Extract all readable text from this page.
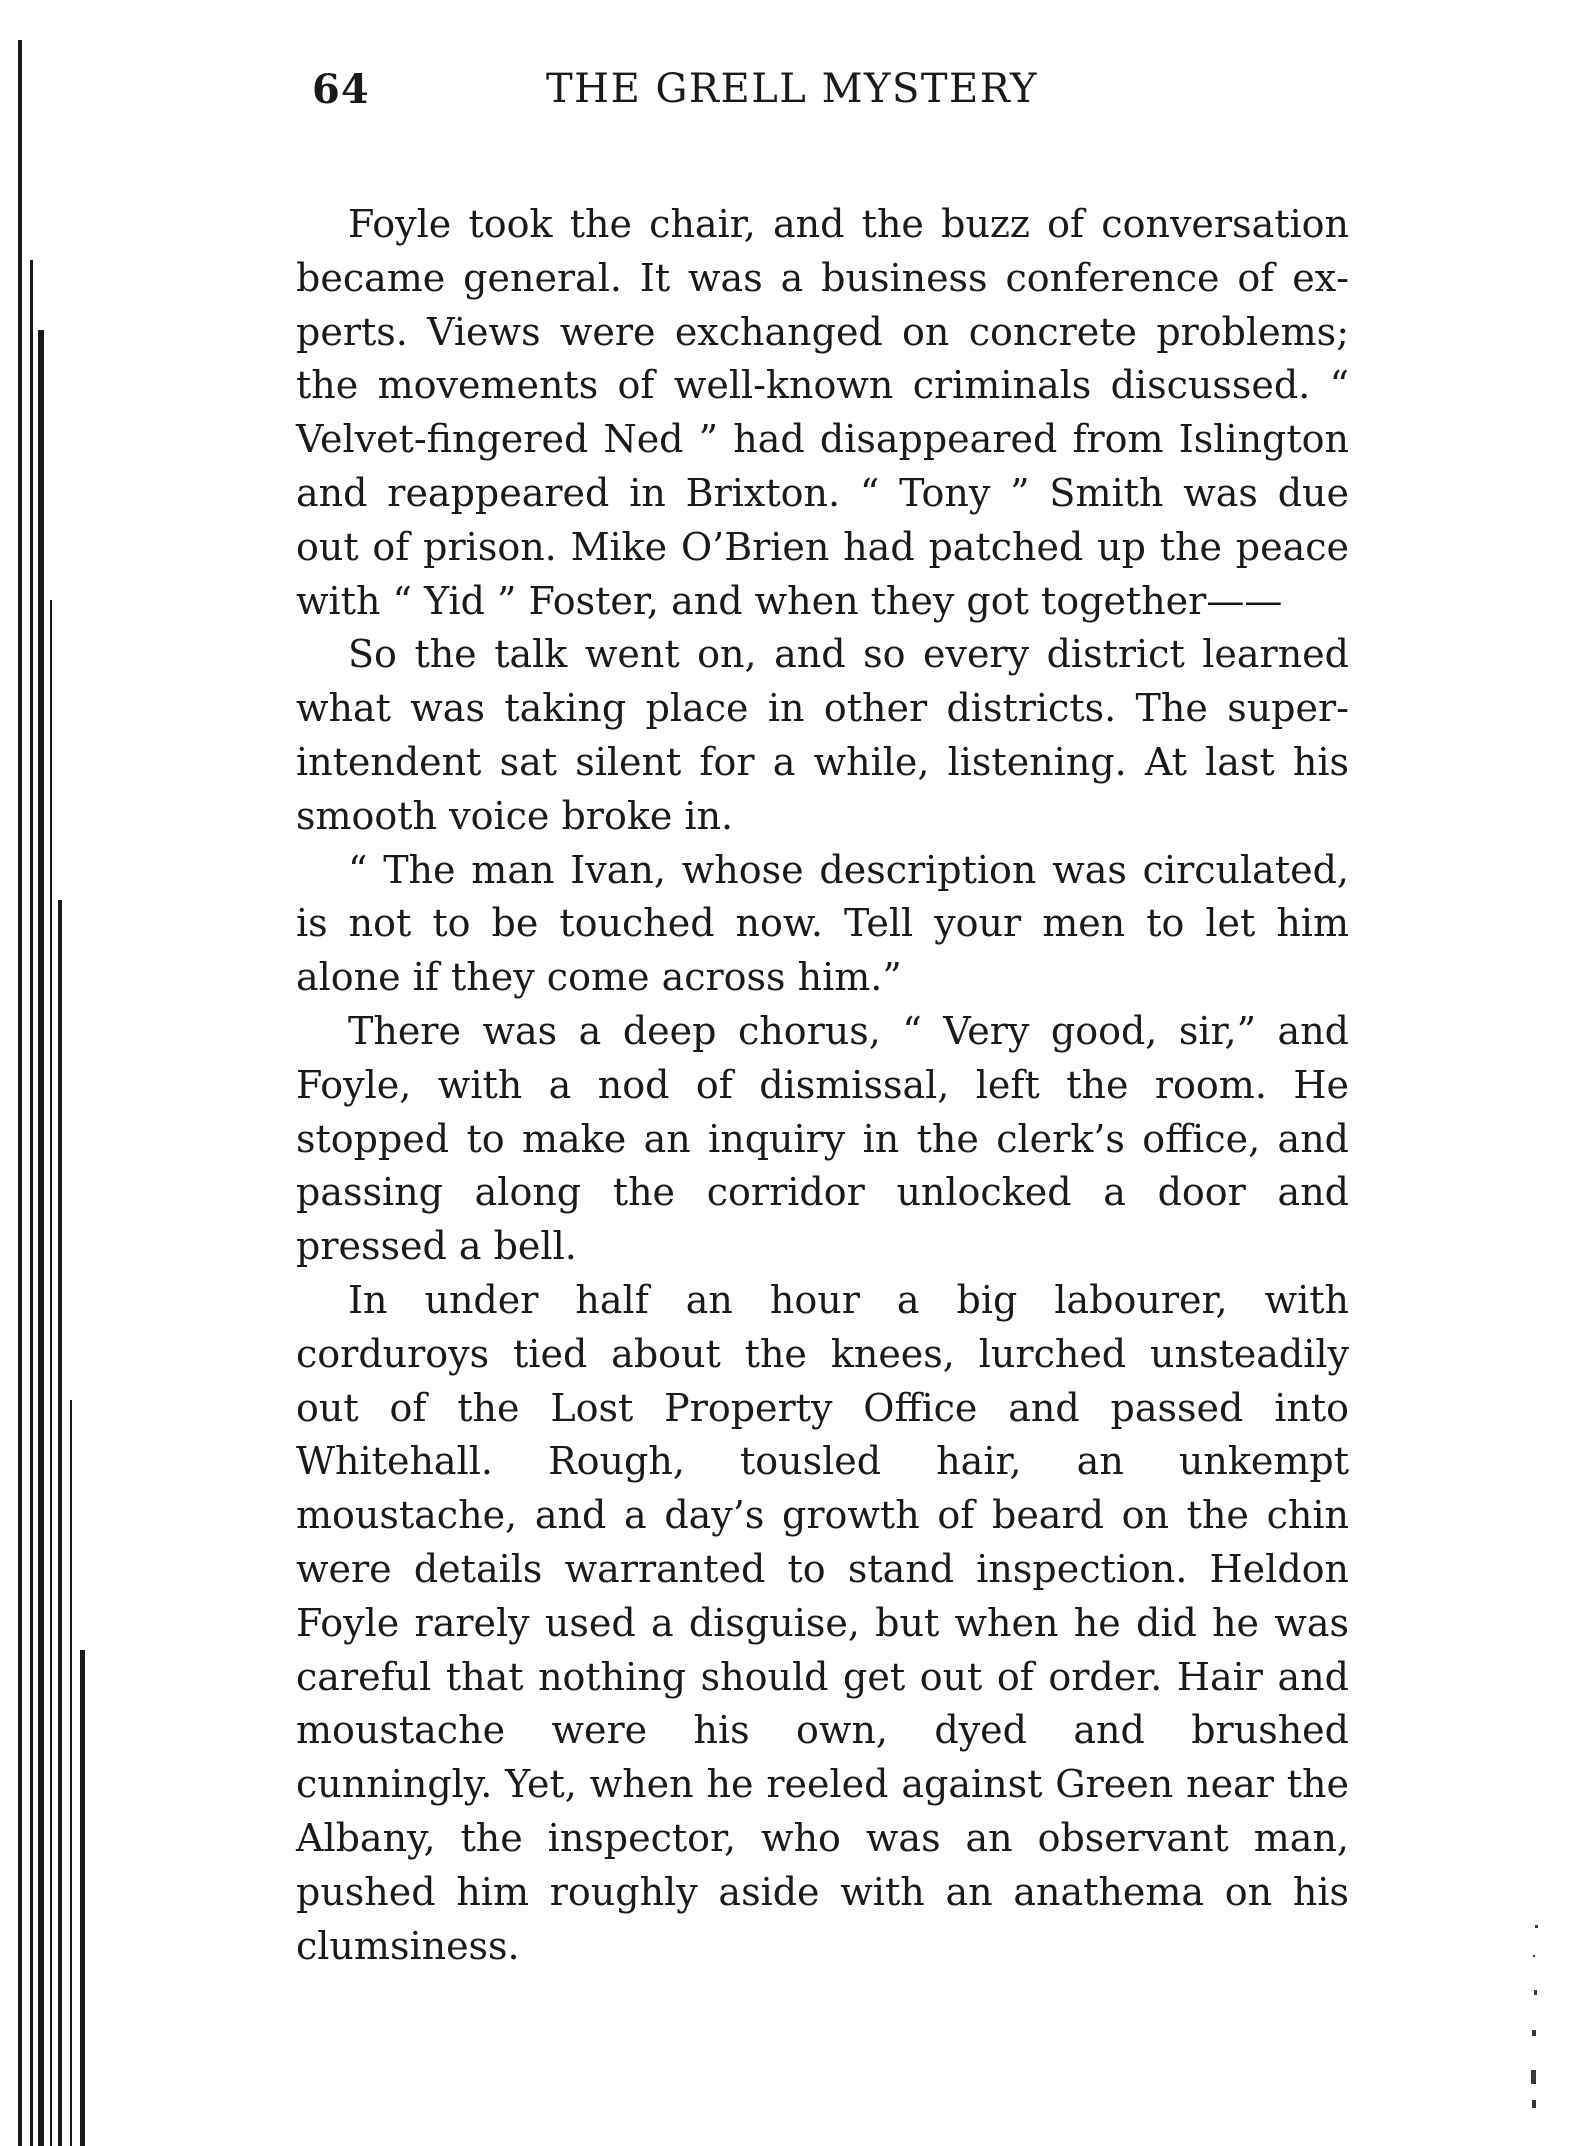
64	THE GRELL MYSTERY

Foyle took the chair, and the buzz of conversation became general. It was a business conference of experts. Views were exchanged on concrete problems; the movements of well-known criminals discussed. “ Velvet-fingered Ned ” had disappeared from Islington and reappeared in Brixton. “ Tony ” Smith was due out of prison. Mike O’Brien had patched up the peace with “ Yid ” Foster, and when they got together——

So the talk went on, and so every district learned what was taking place in other districts. The superintendent sat silent for a while, listening. At last his smooth voice broke in.

“ The man Ivan, whose description was circulated, is not to be touched now. Tell your men to let him alone if they come across him.”

There was a deep chorus, “ Very good, sir,” and Foyle, with a nod of dismissal, left the room. He stopped to make an inquiry in the clerk’s office, and passing along the corridor unlocked a door and pressed a bell.

In under half an hour a big labourer, with corduroys tied about the knees, lurched unsteadily out of the Lost Property Office and passed into Whitehall. Rough, tousled hair, an unkempt moustache, and a day’s growth of beard on the chin were details warranted to stand inspection. Heldon Foyle rarely used a disguise, but when he did he was careful that nothing should get out of order. Hair and moustache were his own, dyed and brushed cunningly. Yet, when he reeled against Green near the Albany, the inspector, who was an observant man, pushed him roughly aside with an anathema on his clumsiness.
